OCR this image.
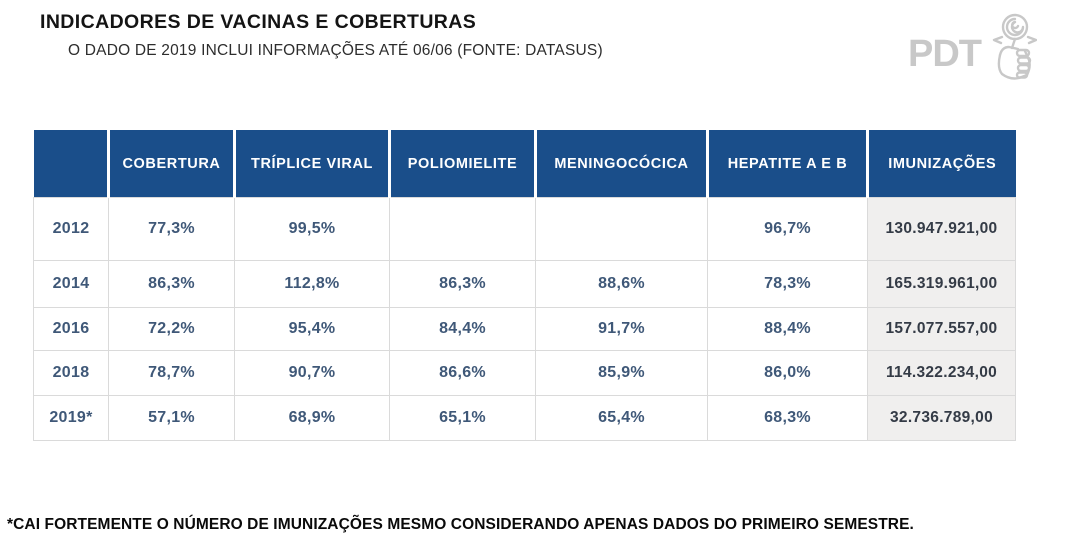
INDICADORES DE VACINAS E COBERTURAS
O DADO DE 2019 INCLUI INFORMAÇÕES ATÉ 06/06 (FONTE: DATASUS)	PDT
	COBERTURA	TRÍPLICE VIRAL	POLIOMIELITE	MENINGOCÓCICA	HEPATITE A E B	IMUNIZAÇÕES
2012	77,3%	99,5%			96,7%	130.947.921,00
2014	86,3%	112,8%	86,3%	88,6%	78,3%	165.319.961,00
2016	72,2%	95,4%	84,4%	91,7%	88,4%	157.077.557,00
2018	78,7%	90,7%	86,6%	85,9%	86,0%	114.322.234,00
2019*	57,1%	68,9%	65,1%	65,4%	68,3%	32.736.789,00
*CAI FORTEMENTE O NÚMERO DE IMUNIZAÇÕES MESMO CONSIDERANDO APENAS DADOS DO PRIMEIRO SEMESTRE.
